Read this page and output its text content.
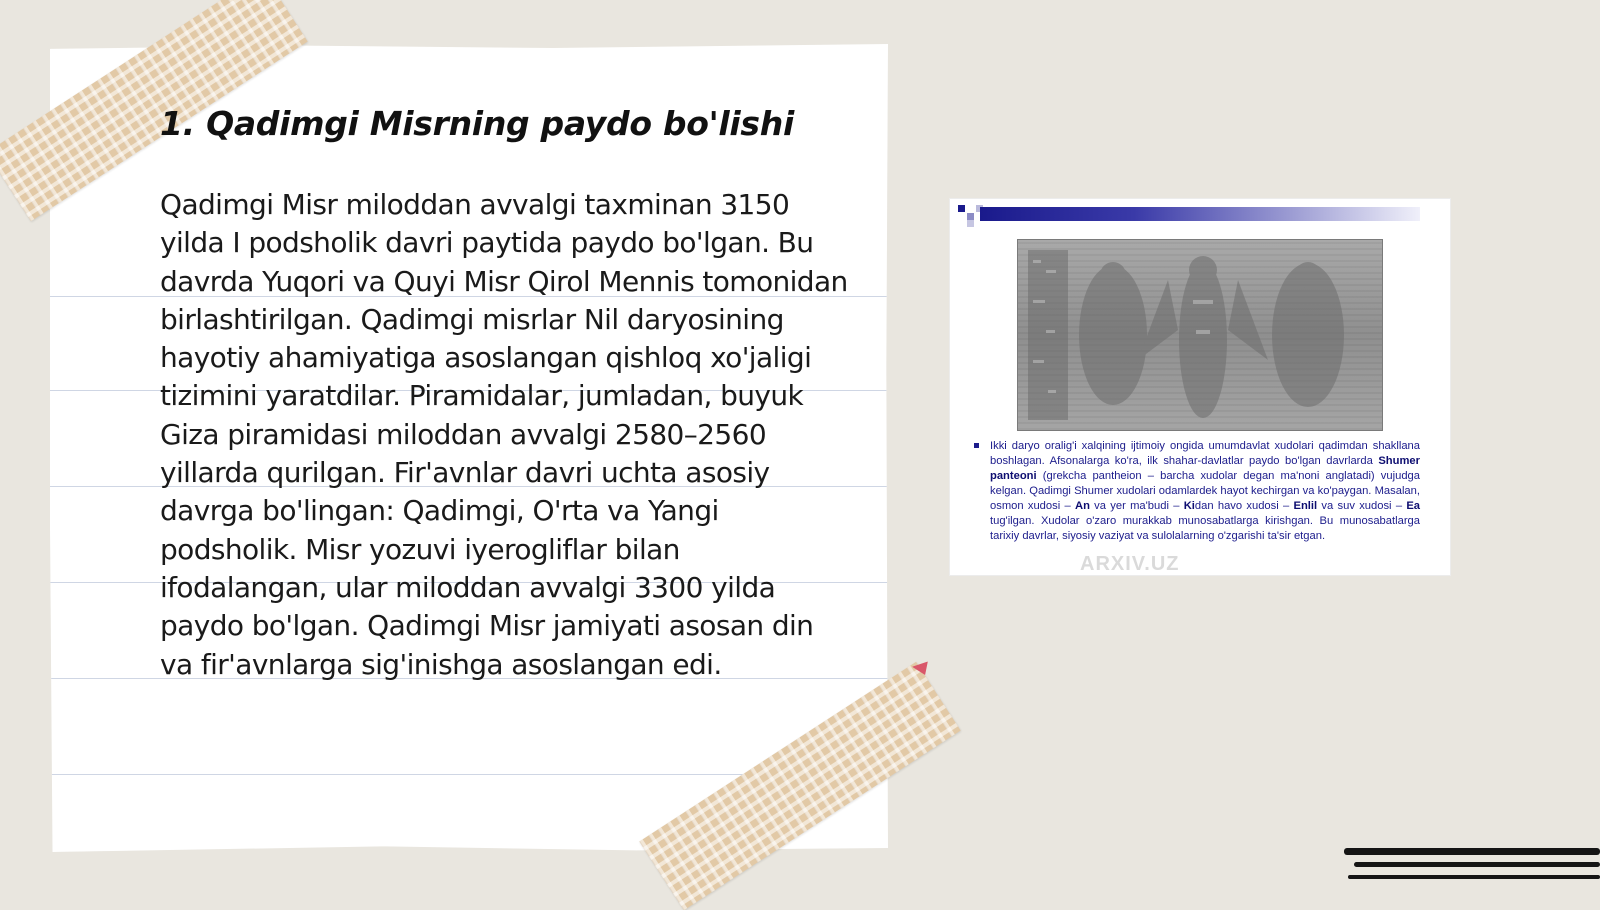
1. Qadimgi Misrning paydo bo'lishi

Qadimgi Misr miloddan avvalgi taxminan 3150 yilda I podsholik davri paytida paydo bo'lgan. Bu davrda Yuqori va Quyi Misr Qirol Mennis tomonidan birlashtirilgan. Qadimgi misrlar Nil daryosining hayotiy ahamiyatiga asoslangan qishloq xo'jaligi tizimini yaratdilar. Piramidalar, jumladan, buyuk Giza piramidasi miloddan avvalgi 2580–2560 yillarda qurilgan. Fir'avnlar davri uchta asosiy davrga bo'lingan: Qadimgi, O'rta va Yangi podsholik. Misr yozuvi iyerogliflar bilan ifodalangan, ular miloddan avvalgi 3300 yilda paydo bo'lgan. Qadimgi Misr jamiyati asosan din va fir'avnlarga sig'inishga asoslangan edi.

Ikki daryo oralig'i xalqining ijtimoiy ongida umumdavlat xudolari qadimdan shakllana boshlagan. Afsonalarga ko'ra, ilk shahar-davlatlar paydo bo'lgan davrlarda Shumer panteoni (grekcha pantheion – barcha xudolar degan ma'noni anglatadi) vujudga kelgan. Qadimgi Shumer xudolari odamlardek hayot kechirgan va ko'paygan. Masalan, osmon xudosi – An va yer ma'budi – Kidan havo xudosi – Enlil va suv xudosi – Ea tug'ilgan. Xudolar o'zaro murakkab munosabatlarga kirishgan. Bu munosabatlarga tarixiy davrlar, siyosiy vaziyat va sulolalarning o'zgarishi ta'sir etgan.

ARXIV.UZ
